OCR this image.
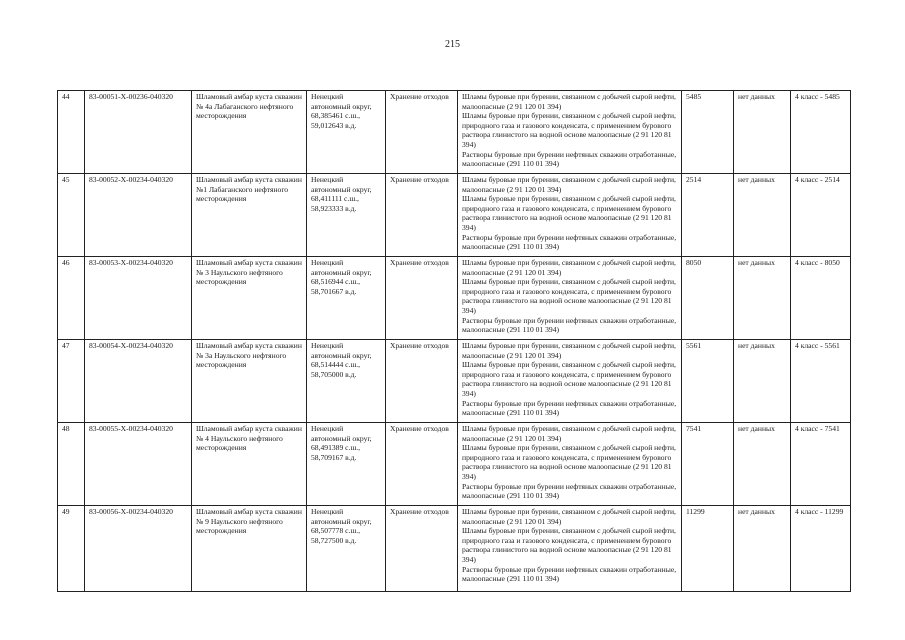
215
44	83-00051-Х-00236-040320	Шламовый амбар куста скважин № 4а Лабаганского нефтяного месторождения	Ненецкий автономный округ, 68,385461 с.ш., 59,012643 в.д.	Хранение отходов	Шламы буровые при бурении, связанном с добычей сырой нефти, малоопасные (2 91 120 01 394)
Шламы буровые при бурении, связанном с добычей сырой нефти, природного газа и газового конденсата, с применением бурового раствора глинистого на водной основе малоопасные (2 91 120 81 394)
Растворы буровые при бурении нефтяных скважин отработанные, малоопасные (291 110 01 394)	5485	нет данных	4 класс - 5485
45	83-00052-Х-00234-040320	Шламовый амбар куста скважин №1 Лабаганского нефтяного месторождения	Ненецкий автономный округ, 68,411111 с.ш., 58,923333 в.д.	Хранение отходов	Шламы буровые при бурении, связанном с добычей сырой нефти, малоопасные (2 91 120 01 394)
Шламы буровые при бурении, связанном с добычей сырой нефти, природного газа и газового конденсата, с применением бурового раствора глинистого на водной основе малоопасные (2 91 120 81 394)
Растворы буровые при бурении нефтяных скважин отработанные, малоопасные (291 110 01 394)	2514	нет данных	4 класс - 2514
46	83-00053-Х-00234-040320	Шламовый амбар куста скважин № 3 Наульского нефтяного месторождения	Ненецкий автономный округ, 68,516944 с.ш., 58,701667 в.д.	Хранение отходов	Шламы буровые при бурении, связанном с добычей сырой нефти, малоопасные (2 91 120 01 394)
Шламы буровые при бурении, связанном с добычей сырой нефти, природного газа и газового конденсата, с применением бурового раствора глинистого на водной основе малоопасные (2 91 120 81 394)
Растворы буровые при бурении нефтяных скважин отработанные, малоопасные (291 110 01 394)	8050	нет данных	4 класс - 8050
47	83-00054-Х-00234-040320	Шламовый амбар куста скважин № 3а Наульского нефтяного месторождения	Ненецкий автономный округ, 68,514444 с.ш., 58,705000 в.д.	Хранение отходов	Шламы буровые при бурении, связанном с добычей сырой нефти, малоопасные (2 91 120 01 394)
Шламы буровые при бурении, связанном с добычей сырой нефти, природного газа и газового конденсата, с применением бурового раствора глинистого на водной основе малоопасные (2 91 120 81 394)
Растворы буровые при бурении нефтяных скважин отработанные, малоопасные (291 110 01 394)	5561	нет данных	4 класс - 5561
48	83-00055-Х-00234-040320	Шламовый амбар куста скважин № 4 Наульского нефтяного месторождения	Ненецкий автономный округ, 68,491389 с.ш., 58,709167 в.д.	Хранение отходов	Шламы буровые при бурении, связанном с добычей сырой нефти, малоопасные (2 91 120 01 394)
Шламы буровые при бурении, связанном с добычей сырой нефти, природного газа и газового конденсата, с применением бурового раствора глинистого на водной основе малоопасные (2 91 120 81 394)
Растворы буровые при бурении нефтяных скважин отработанные, малоопасные (291 110 01 394)	7541	нет данных	4 класс - 7541
49	83-00056-Х-00234-040320	Шламовый амбар куста скважин № 9 Наульского нефтяного месторождения	Ненецкий автономный округ, 68,507778 с.ш., 58,727500 в.д.	Хранение отходов	Шламы буровые при бурении, связанном с добычей сырой нефти, малоопасные (2 91 120 01 394)
Шламы буровые при бурении, связанном с добычей сырой нефти, природного газа и газового конденсата, с применением бурового раствора глинистого на водной основе малоопасные (2 91 120 81 394)
Растворы буровые при бурении нефтяных скважин отработанные, малоопасные (291 110 01 394)	11299	нет данных	4 класс - 11299
